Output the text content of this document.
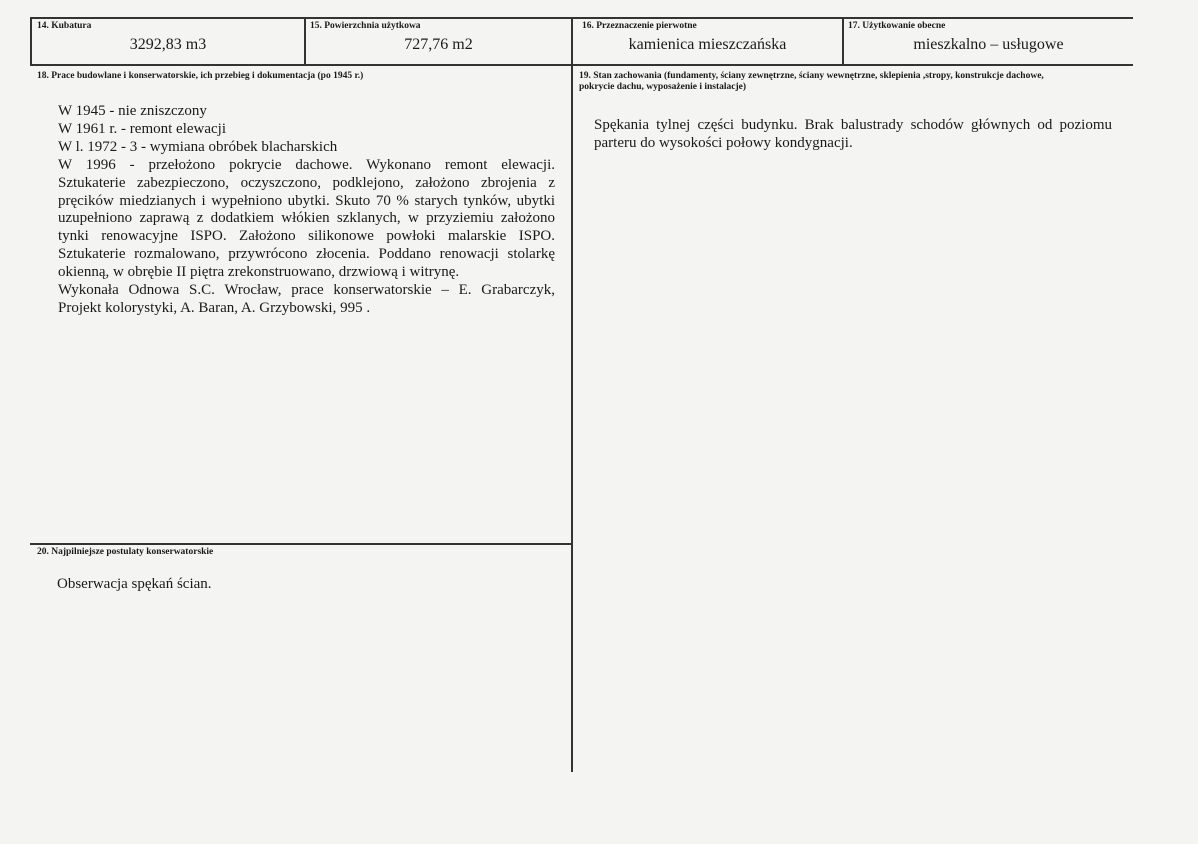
14. Kubatura
3292,83 m3
15. Powierzchnia użytkowa
727,76 m2
16. Przeznaczenie pierwotne
kamienica mieszczańska
17. Użytkowanie obecne
mieszkalno – usługowe
18. Prace budowlane i konserwatorskie, ich przebieg i dokumentacja (po 1945 r.)
W 1945 - nie zniszczony
W 1961 r. - remont elewacji
W l. 1972 - 3 - wymiana obróbek blacharskich
W 1996 - przełożono pokrycie dachowe. Wykonano remont elewacji.
Sztukaterie zabezpieczono, oczyszczono, podklejono, założono zbrojenia z
pręcików miedzianych i wypełniono ubytki. Skuto 70 % starych tynków, ubytki
uzupełniono zaprawą z dodatkiem włókien szklanych, w przyziemiu założono
tynki renowacyjne ISPO. Założono silikonowe powłoki malarskie ISPO.
Sztukaterie rozmalowano, przywrócono złocenia. Poddano renowacji stolarkę
okienną, w obrębie II piętra zrekonstruowano, drzwiową i witrynę.
Wykonała Odnowa S.C. Wrocław, prace konserwatorskie – E. Grabarczyk,
Projekt kolorystyki, A. Baran, A. Grzybowski, 995 .
19. Stan zachowania (fundamenty, ściany zewnętrzne, ściany wewnętrzne, sklepienia ,stropy, konstrukcje dachowe,
pokrycie dachu, wyposażenie i instalacje)
Spękania tylnej części budynku. Brak balustrady schodów głównych od poziomu
parteru do wysokości połowy kondygnacji.
20. Najpilniejsze postulaty konserwatorskie
Obserwacja spękań ścian.
